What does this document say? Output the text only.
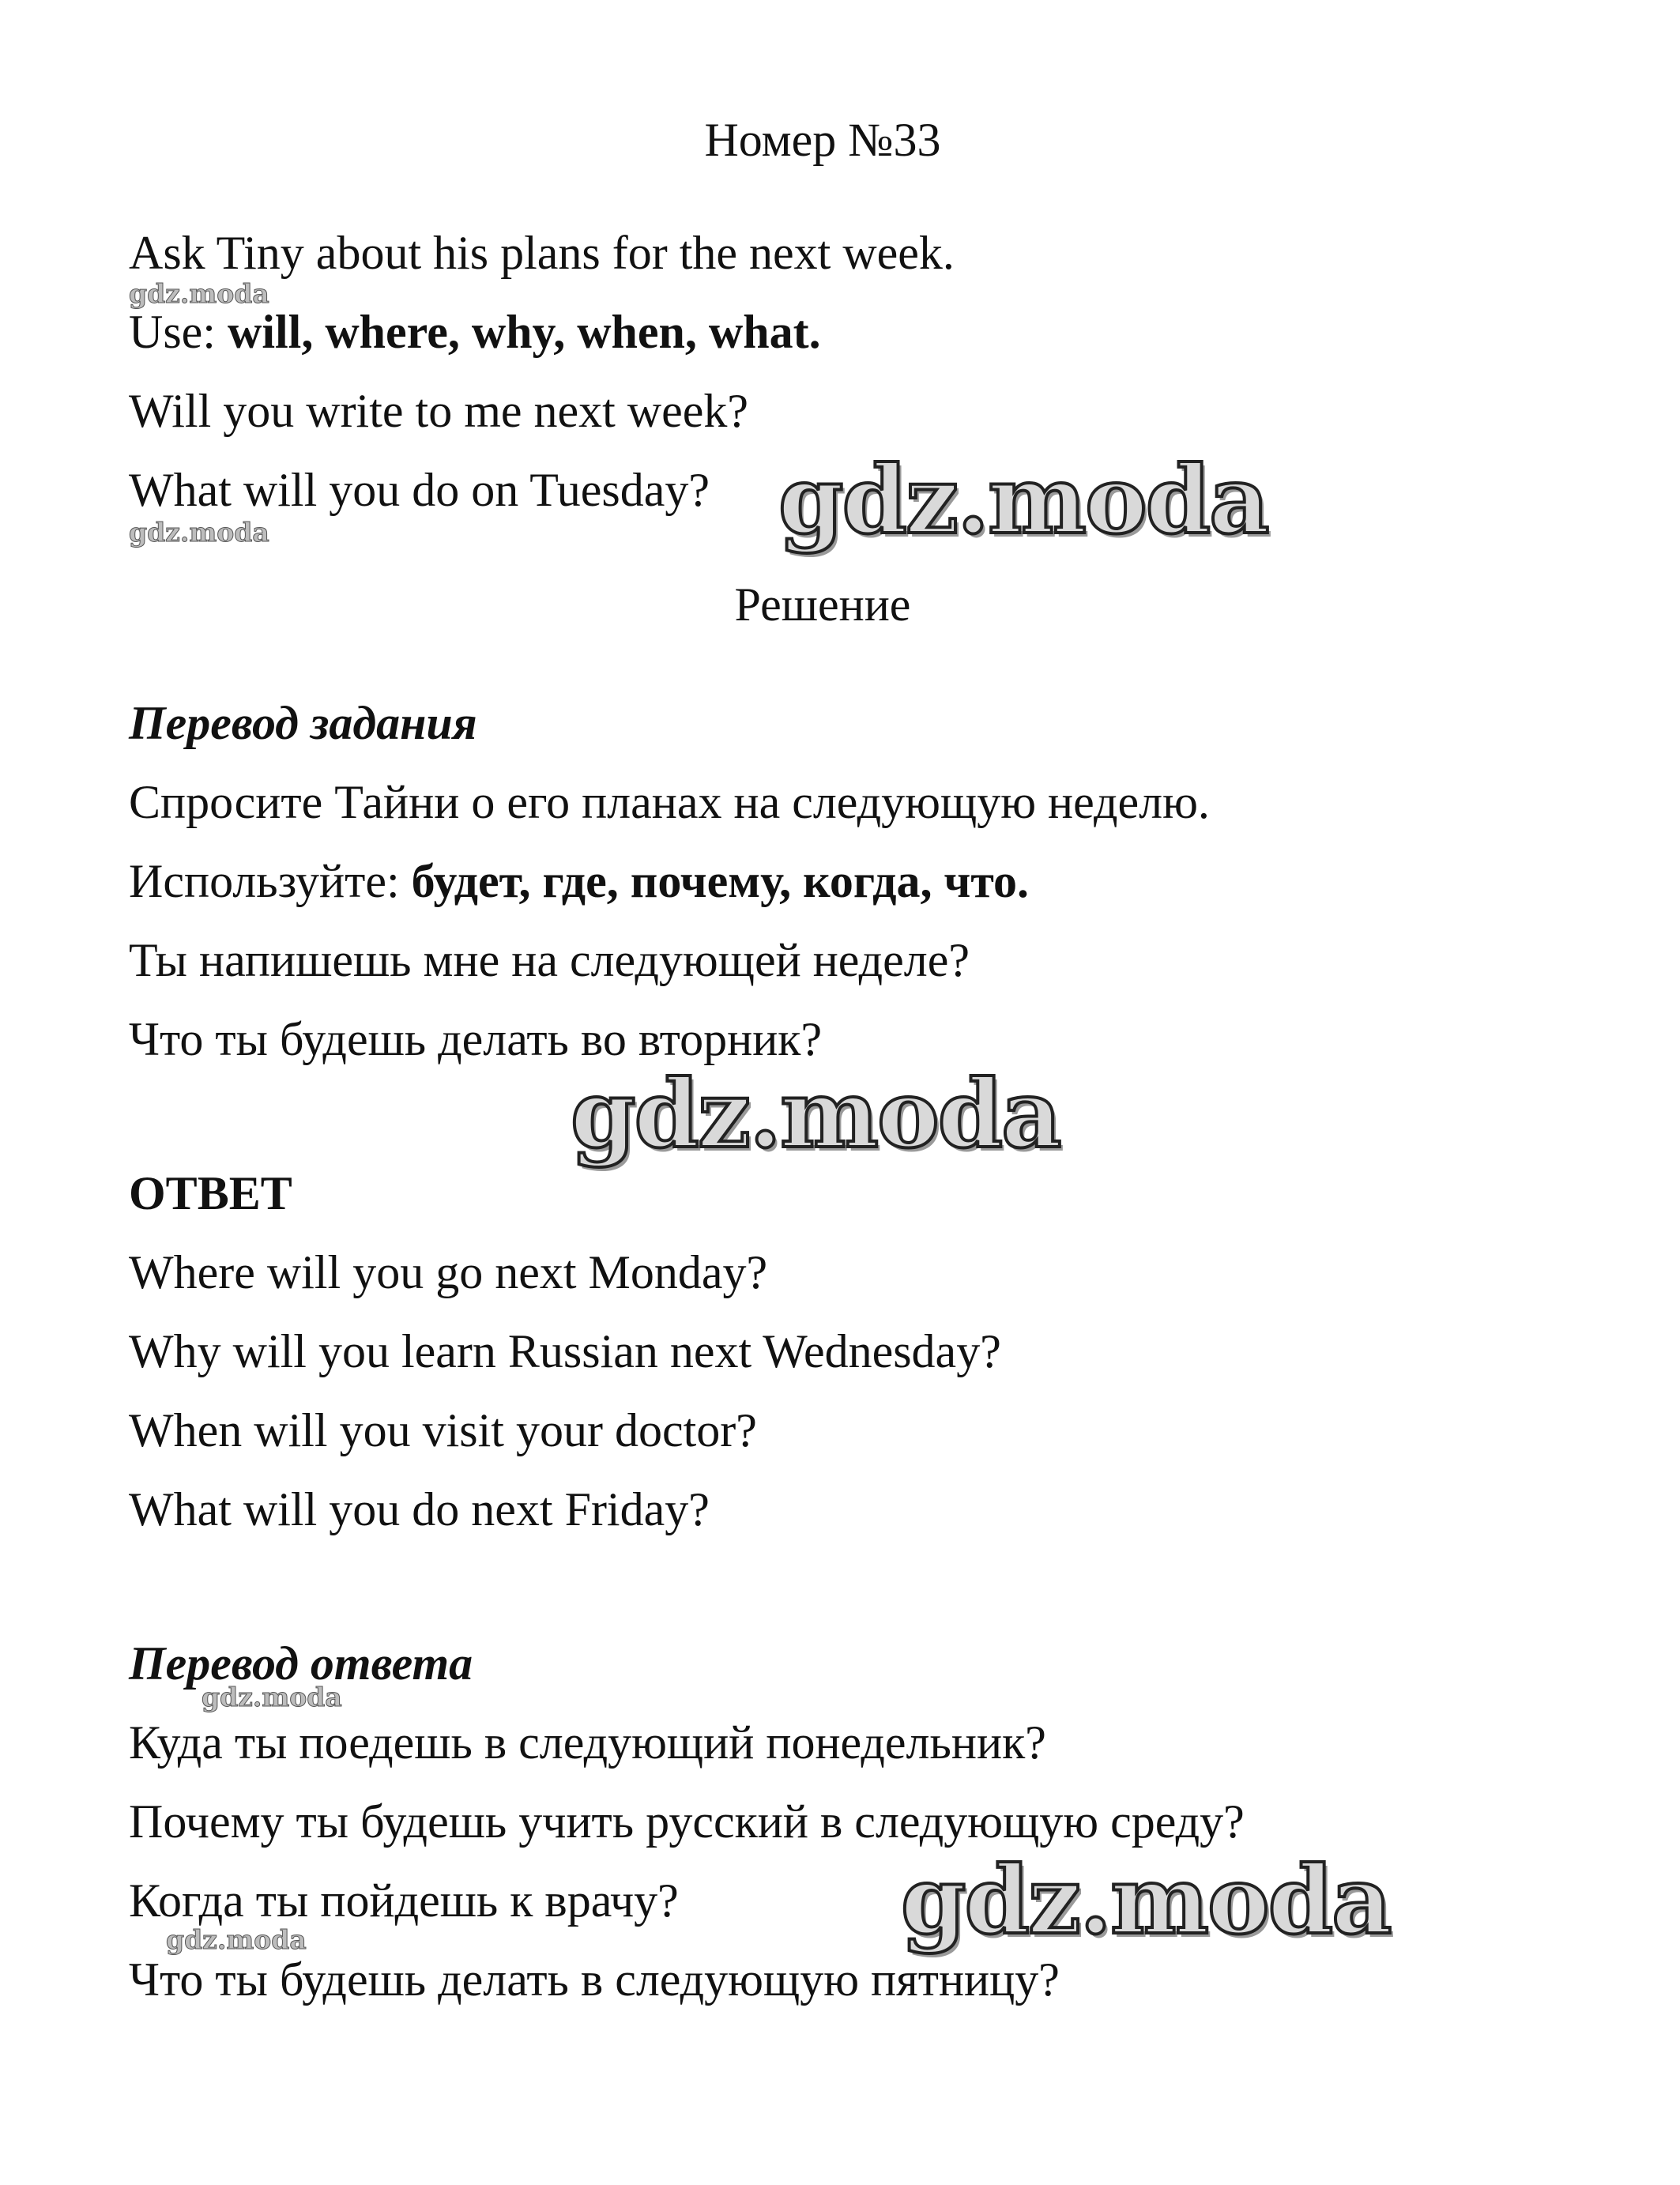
Номер №33
Ask Tiny about his plans for the next week.
Use: will, where, why, when, what.
Will you write to me next week?
What will you do on Tuesday?
Решение
Перевод задания
Спросите Тайни о его планах на следующую неделю.
Используйте: будет, где, почему, когда, что.
Ты напишешь мне на следующей неделе?
Что ты будешь делать во вторник?
ОТВЕТ
Where will you go next Monday?
Why will you learn Russian next Wednesday?
When will you visit your doctor?
What will you do next Friday?
Перевод ответа
Куда ты поедешь в следующий понедельник?
Почему ты будешь учить русский в следующую среду?
Когда ты пойдешь к врачу?
Что ты будешь делать в следующую пятницу?
gdz.moda
gdz.moda
gdz.moda
gdz.moda
gdz.moda
gdz.moda
gdz.moda
